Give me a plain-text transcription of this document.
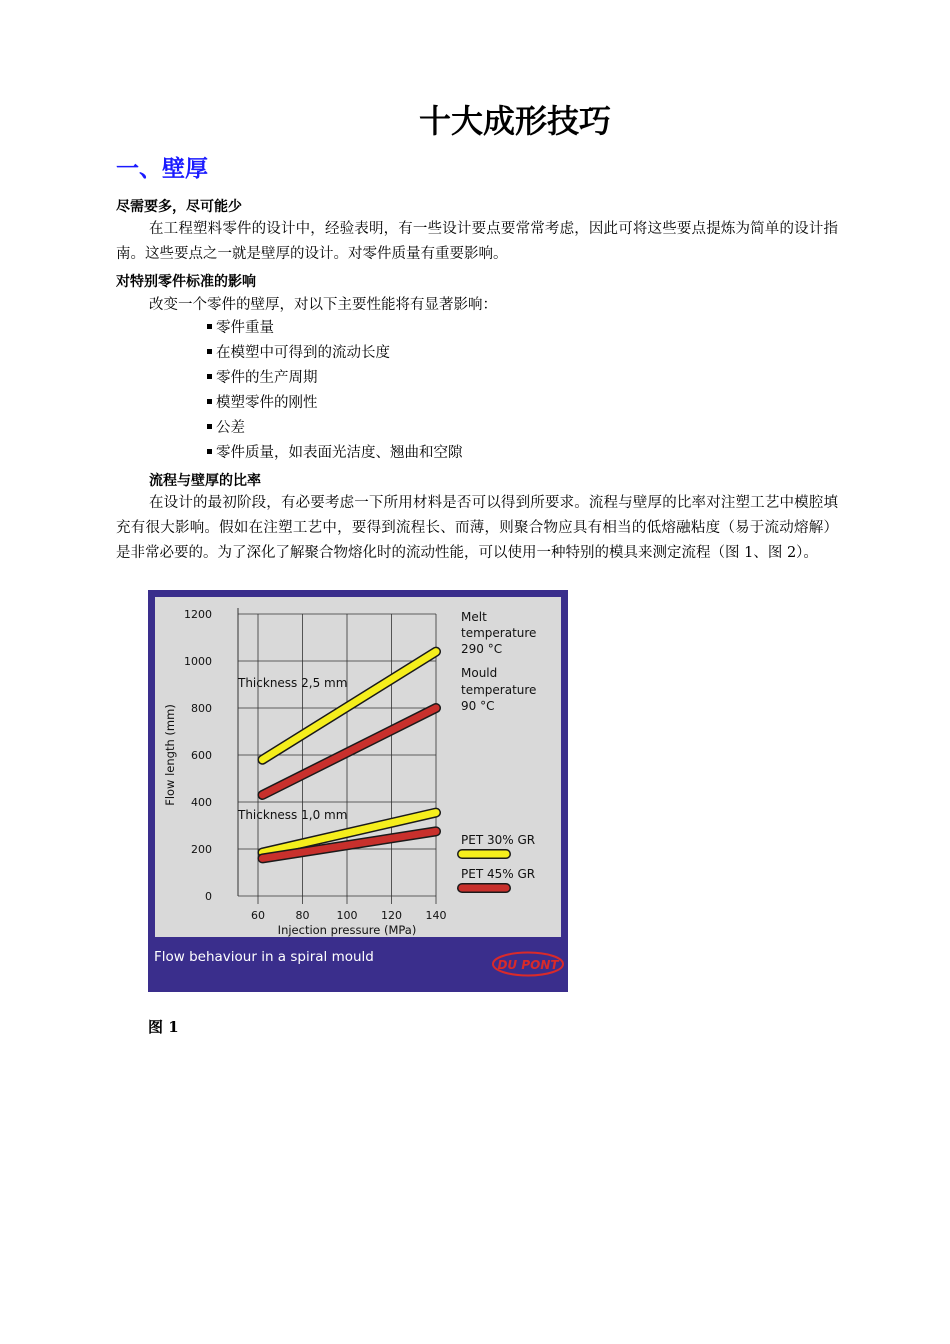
十大成形技巧
一、壁厚
尽需要多，尽可能少

在工程塑料零件的设计中，经验表明，有一些设计要点要常常考虑，因此可将这些要点提炼为简单的设计指南。这些要点之一就是壁厚的设计。对零件质量有重要影响。

对特别零件标准的影响

改变一个零件的壁厚，对以下主要性能将有显著影响：

零件重量
在模塑中可得到的流动长度
零件的生产周期
模塑零件的刚性
公差
零件质量，如表面光洁度、翘曲和空隙
流程与壁厚的比率

在设计的最初阶段，有必要考虑一下所用材料是否可以得到所要求。流程与壁厚的比率对注塑工艺中模腔填充有很大影响。假如在注塑工艺中，要得到流程长、而薄，则聚合物应具有相当的低熔融粘度（易于流动熔解）是非常必要的。为了深化了解聚合物熔化时的流动性能，可以使用一种特别的模具来测定流程（图 1、图 2）。

0
200
400
600
800
1000
1200
60	80 100 120 140
Injection pressure (MPa)
Flow length (mm)
PET 30% GR
PET 45% GR
Thickness 2,5 mm
Thickness 1,0 mm
Melt
temperature
290 °C
Mould
temperature
90 °C
Flow behaviour in a spiral mould	DU PONT

图 1
